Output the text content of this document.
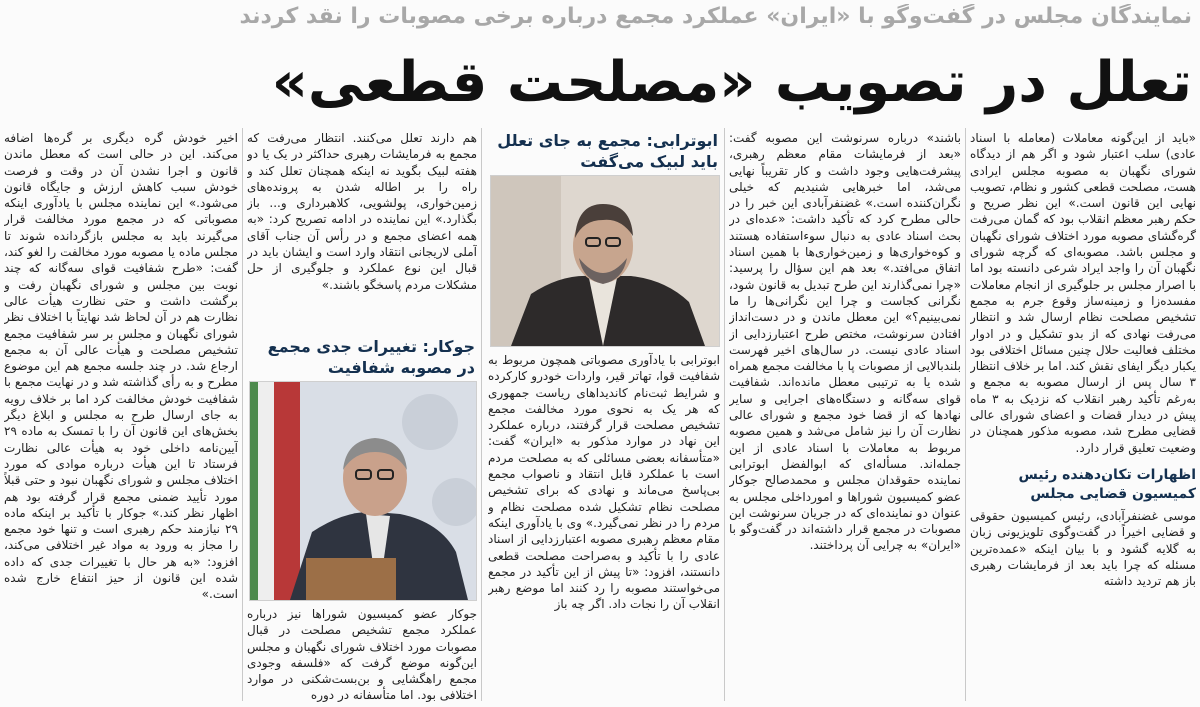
نمایندگان مجلس در گفت‌وگو با «ایران» عملکرد مجمع درباره برخی مصوبات را نقد کردند
تعلل در تصویب «مصلحت قطعی»

«باید از این‌گونه معاملات (معامله با اسناد عادی) سلب اعتبار شود و اگر هم از دیدگاه شورای نگهبان به مصوبه مجلس ایرادی هست، مصلحت قطعی کشور و نظام، تصویب نهایی این قانون است.» این نظر صریح و حکم رهبر معظم انقلاب بود که گمان می‌رفت گره‌گشای مصوبه مورد اختلاف شورای نگهبان و مجلس باشد. مصوبه‌ای که گرچه شورای نگهبان آن را واجد ایراد شرعی دانسته بود اما با اصرار مجلس بر جلوگیری از انجام معاملات مفسده‌زا و زمینه‌ساز وقوع جرم به مجمع تشخیص مصلحت نظام ارسال شد و انتظار می‌رفت نهادی که از بدو تشکیل و در ادوار مختلف فعالیت حلال چنین مسائل اختلافی بود یکبار دیگر ایفای نقش کند. اما بر خلاف انتظار ۳ سال پس از ارسال مصوبه به مجمع و به‌رغم تأکید رهبر انقلاب که نزدیک به ۳ ماه پیش در دیدار قضات و اعضای شورای عالی قضایی مطرح شد، مصوبه مذکور همچنان در وضعیت تعلیق قرار دارد.

اظهارات تکان‌دهنده رئیس کمیسیون قضایی مجلس

موسی غضنفرآبادی، رئیس کمیسیون حقوقی و قضایی اخیراً در گفت‌وگوی تلویزیونی زبان به گلایه گشود و با بیان اینکه «عمده‌ترین مسئله که چرا باید بعد از فرمایشات رهبری باز هم تردید داشته

باشند» درباره سرنوشت این مصوبه گفت: «بعد از فرمایشات مقام معظم رهبری، پیشرفت‌هایی وجود داشت و کار تقریباً نهایی می‌شد، اما خبرهایی شنیدیم که خیلی نگران‌کننده است.» غضنفرآبادی این خبر را در حالی مطرح کرد که تأکید داشت: «عده‌ای در بحث اسناد عادی به دنبال سوءاستفاده هستند و کوه‌خواری‌ها و زمین‌خواری‌ها با همین اسناد اتفاق می‌افتد.» بعد هم این سؤال را پرسید: «چرا نمی‌گذارند این طرح تبدیل به قانون شود، نگرانی کجاست و چرا این نگرانی‌ها را ما نمی‌بینیم؟» این معطل ماندن و در دست‌انداز افتادن سرنوشت، مختص طرح اعتبارزدایی از اسناد عادی نیست. در سال‌های اخیر فهرست بلندبالایی از مصوبات پا با مخالفت مجمع همراه شده یا به ترتیبی معطل مانده‌اند. شفافیت قوای سه‌گانه و دستگاه‌های اجرایی و سایر نهادها که از قضا خود مجمع و شورای عالی نظارت آن را نیز شامل می‌شد و همین مصوبه مربوط به معاملات با اسناد عادی از این جمله‌اند. مسأله‌ای که ابوالفضل ابوترابی نماینده حقوقدان مجلس و محمدصالح جوکار عضو کمیسیون شوراها و امورداخلی مجلس به عنوان دو نماینده‌ای که در جریان سرنوشت این مصوبات در مجمع قرار داشته‌اند در گفت‌وگو با «ایران» به چرایی آن پرداختند.

ابوترابی: مجمع به جای تعلل باید لبیک می‌گفت

ابوترابی با یادآوری مصوباتی همچون مربوط به شفافیت قوا، تهاتر قیر، واردات خودرو کارکرده و شرایط ثبت‌نام کاندیداهای ریاست جمهوری که هر یک به نحوی مورد مخالفت مجمع تشخیص مصلحت قرار گرفتند، درباره عملکرد این نهاد در موارد مذکور به «ایران» گفت: «متأسفانه بعضی مسائلی که به مصلحت مردم است با عملکرد قابل انتقاد و ناصواب مجمع بی‌پاسخ می‌ماند و نهادی که برای تشخیص مصلحت نظام تشکیل شده مصلحت نظام و مردم را در نظر نمی‌گیرد.» وی با یادآوری اینکه مقام معظم رهبری مصوبه اعتبارزدایی از اسناد عادی را با تأکید و به‌صراحت مصلحت قطعی دانستند، افزود: «تا پیش از این تأکید در مجمع می‌خواستند مصوبه را رد کنند اما موضع رهبر انقلاب آن را نجات داد. اگر چه باز

هم دارند تعلل می‌کنند. انتظار می‌رفت که مجمع به فرمایشات رهبری حداکثر در یک یا دو هفته لبیک بگوید نه اینکه همچنان تعلل کند و راه را بر اطاله شدن به پرونده‌های زمین‌خواری، پولشویی، کلاهبرداری و... باز بگذارد.» این نماینده در ادامه تصریح کرد: «به همه اعضای مجمع و در رأس آن جناب آقای آملی لاریجانی انتقاد وارد است و ایشان باید در قبال این نوع عملکرد و جلوگیری از حل مشکلات مردم پاسخگو باشند.»

جوکار: تغییرات جدی مجمع در مصوبه شفافیت

جوکار عضو کمیسیون شوراها نیز درباره عملکرد مجمع تشخیص مصلحت در قبال مصوبات مورد اختلاف شورای نگهبان و مجلس این‌گونه موضع گرفت که «فلسفه وجودی مجمع راهگشایی و بن‌بست‌شکنی در موارد اختلافی بود. اما متأسفانه در دوره

اخیر خودش گره دیگری بر گره‌ها اضافه می‌کند. این در حالی است که معطل ماندن قانون و اجرا نشدن آن در وقت و فرصت خودش سبب کاهش ارزش و جایگاه قانون می‌شود.» این نماینده مجلس با یادآوری اینکه مصوباتی که در مجمع مورد مخالفت قرار می‌گیرند باید به مجلس بازگردانده شوند تا مجلس ماده یا مصوبه مورد مخالفت را لغو کند، گفت: «طرح شفافیت قوای سه‌گانه که چند نوبت بین مجلس و شورای نگهبان رفت و برگشت داشت و حتی نظارت هیأت عالی نظارت هم در آن لحاظ شد نهایتاً با اختلاف نظر شورای نگهبان و مجلس بر سر شفافیت مجمع تشخیص مصلحت و هیأت عالی آن به مجمع ارجاع شد. در چند جلسه مجمع هم این موضوع مطرح و به رأی گذاشته شد و در نهایت مجمع با شفافیت خودش مخالفت کرد اما بر خلاف رویه به جای ارسال طرح به مجلس و ابلاغ دیگر بخش‌های این قانون آن را با تمسک به ماده ۲۹ آیین‌نامه داخلی خود به هیأت عالی نظارت فرستاد تا این هیأت درباره موادی که مورد اختلاف مجلس و شورای نگهبان نبود و حتی قبلاً مورد تأیید ضمنی مجمع قرار گرفته بود هم اظهار نظر کند.» جوکار با تأکید بر اینکه ماده ۲۹ نیازمند حکم رهبری است و تنها خود مجمع را مجاز به ورود به مواد غیر اختلافی می‌کند، افزود: «به هر حال با تغییرات جدی که داده شده این قانون از حیز انتفاع خارج شده است.»
